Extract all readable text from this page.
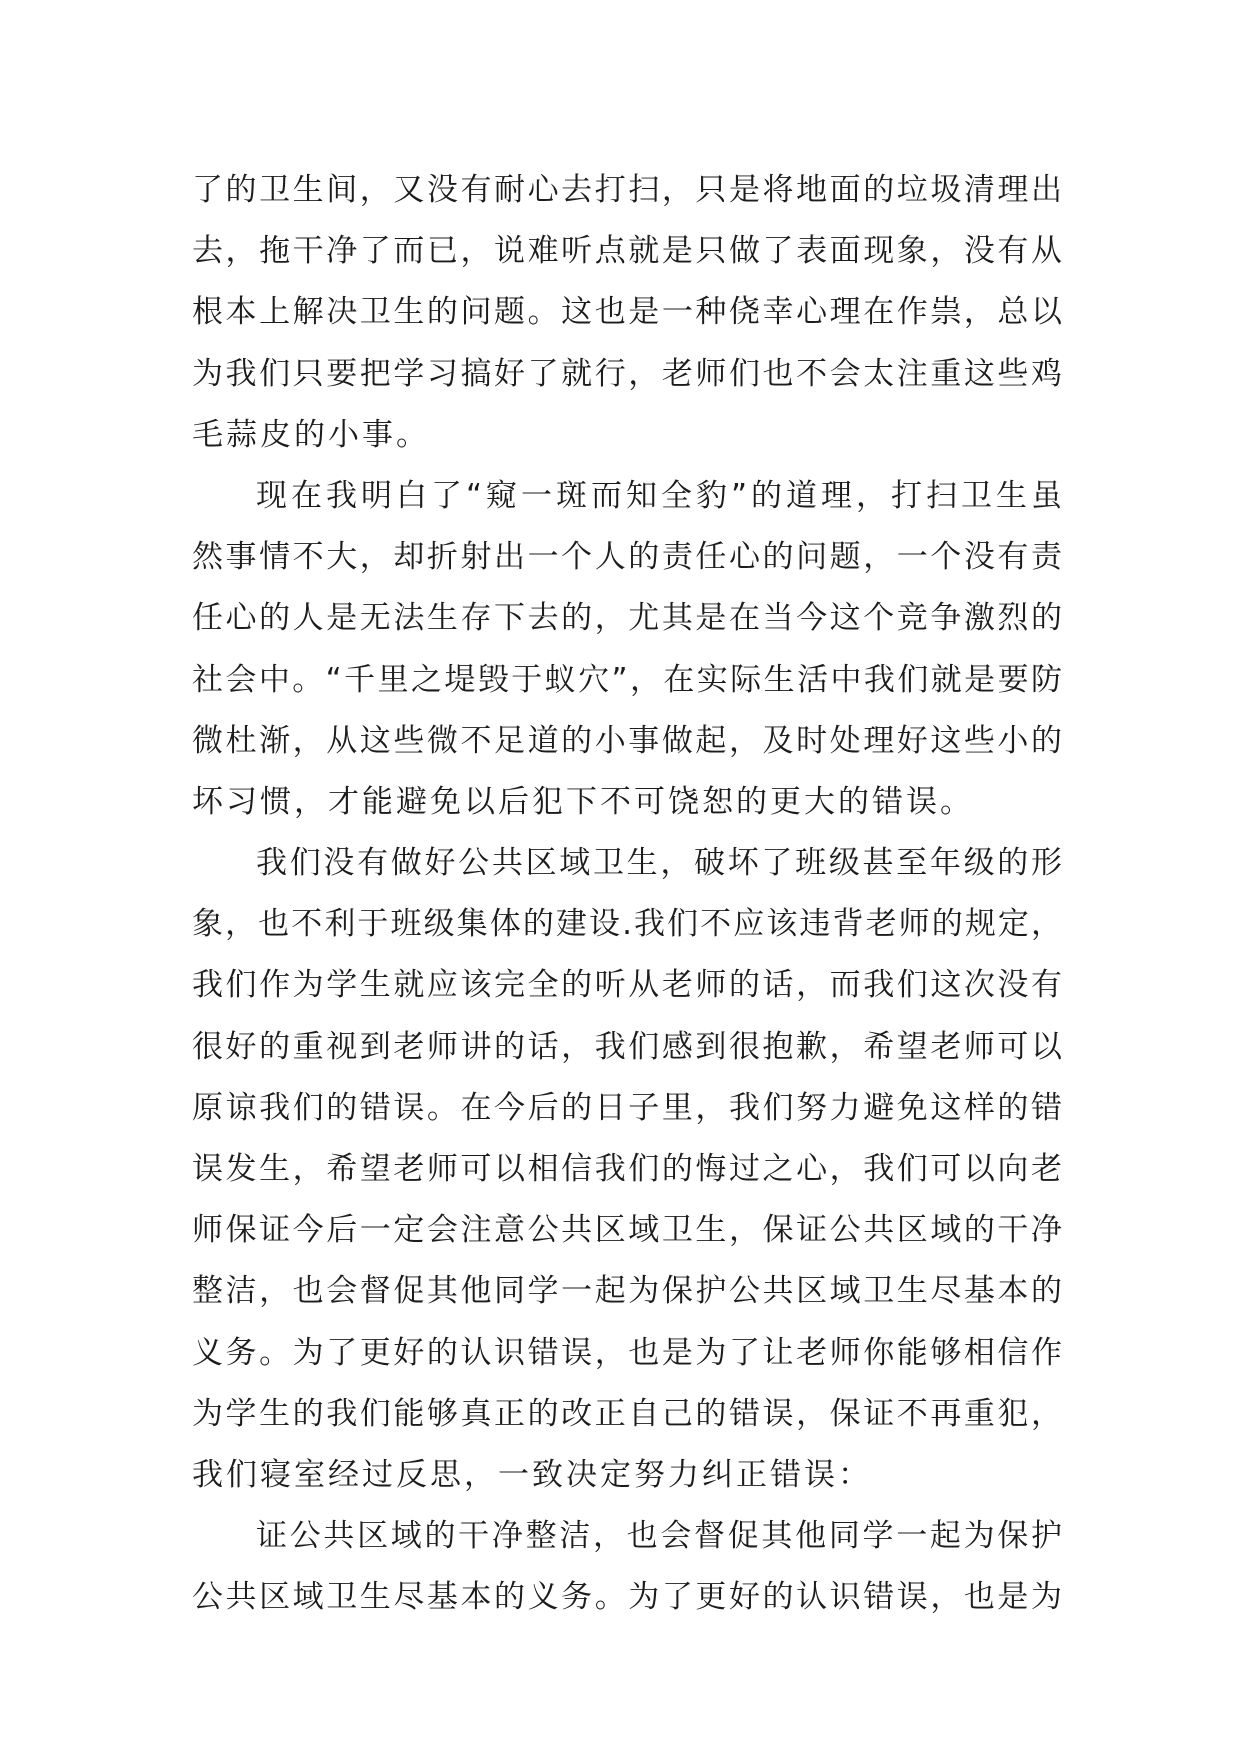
了的卫生间，又没有耐心去打扫，只是将地面的垃圾清理出
去，拖干净了而已，说难听点就是只做了表面现象，没有从
根本上解决卫生的问题。这也是一种侥幸心理在作祟，总以
为我们只要把学习搞好了就行，老师们也不会太注重这些鸡
毛蒜皮的小事。
现在我明白了“窥一斑而知全豹”的道理，打扫卫生虽
然事情不大，却折射出一个人的责任心的问题，一个没有责
任心的人是无法生存下去的，尤其是在当今这个竞争激烈的
社会中。“千里之堤毁于蚁穴”，在实际生活中我们就是要防
微杜渐，从这些微不足道的小事做起，及时处理好这些小的
坏习惯，才能避免以后犯下不可饶恕的更大的错误。
我们没有做好公共区域卫生，破坏了班级甚至年级的形
象，也不利于班级集体的建设.我们不应该违背老师的规定，
我们作为学生就应该完全的听从老师的话，而我们这次没有
很好的重视到老师讲的话，我们感到很抱歉，希望老师可以
原谅我们的错误。在今后的日子里，我们努力避免这样的错
误发生，希望老师可以相信我们的悔过之心，我们可以向老
师保证今后一定会注意公共区域卫生，保证公共区域的干净
整洁，也会督促其他同学一起为保护公共区域卫生尽基本的
义务。为了更好的认识错误，也是为了让老师你能够相信作
为学生的我们能够真正的改正自己的错误，保证不再重犯，
我们寝室经过反思，一致决定努力纠正错误：
证公共区域的干净整洁，也会督促其他同学一起为保护
公共区域卫生尽基本的义务。为了更好的认识错误，也是为
